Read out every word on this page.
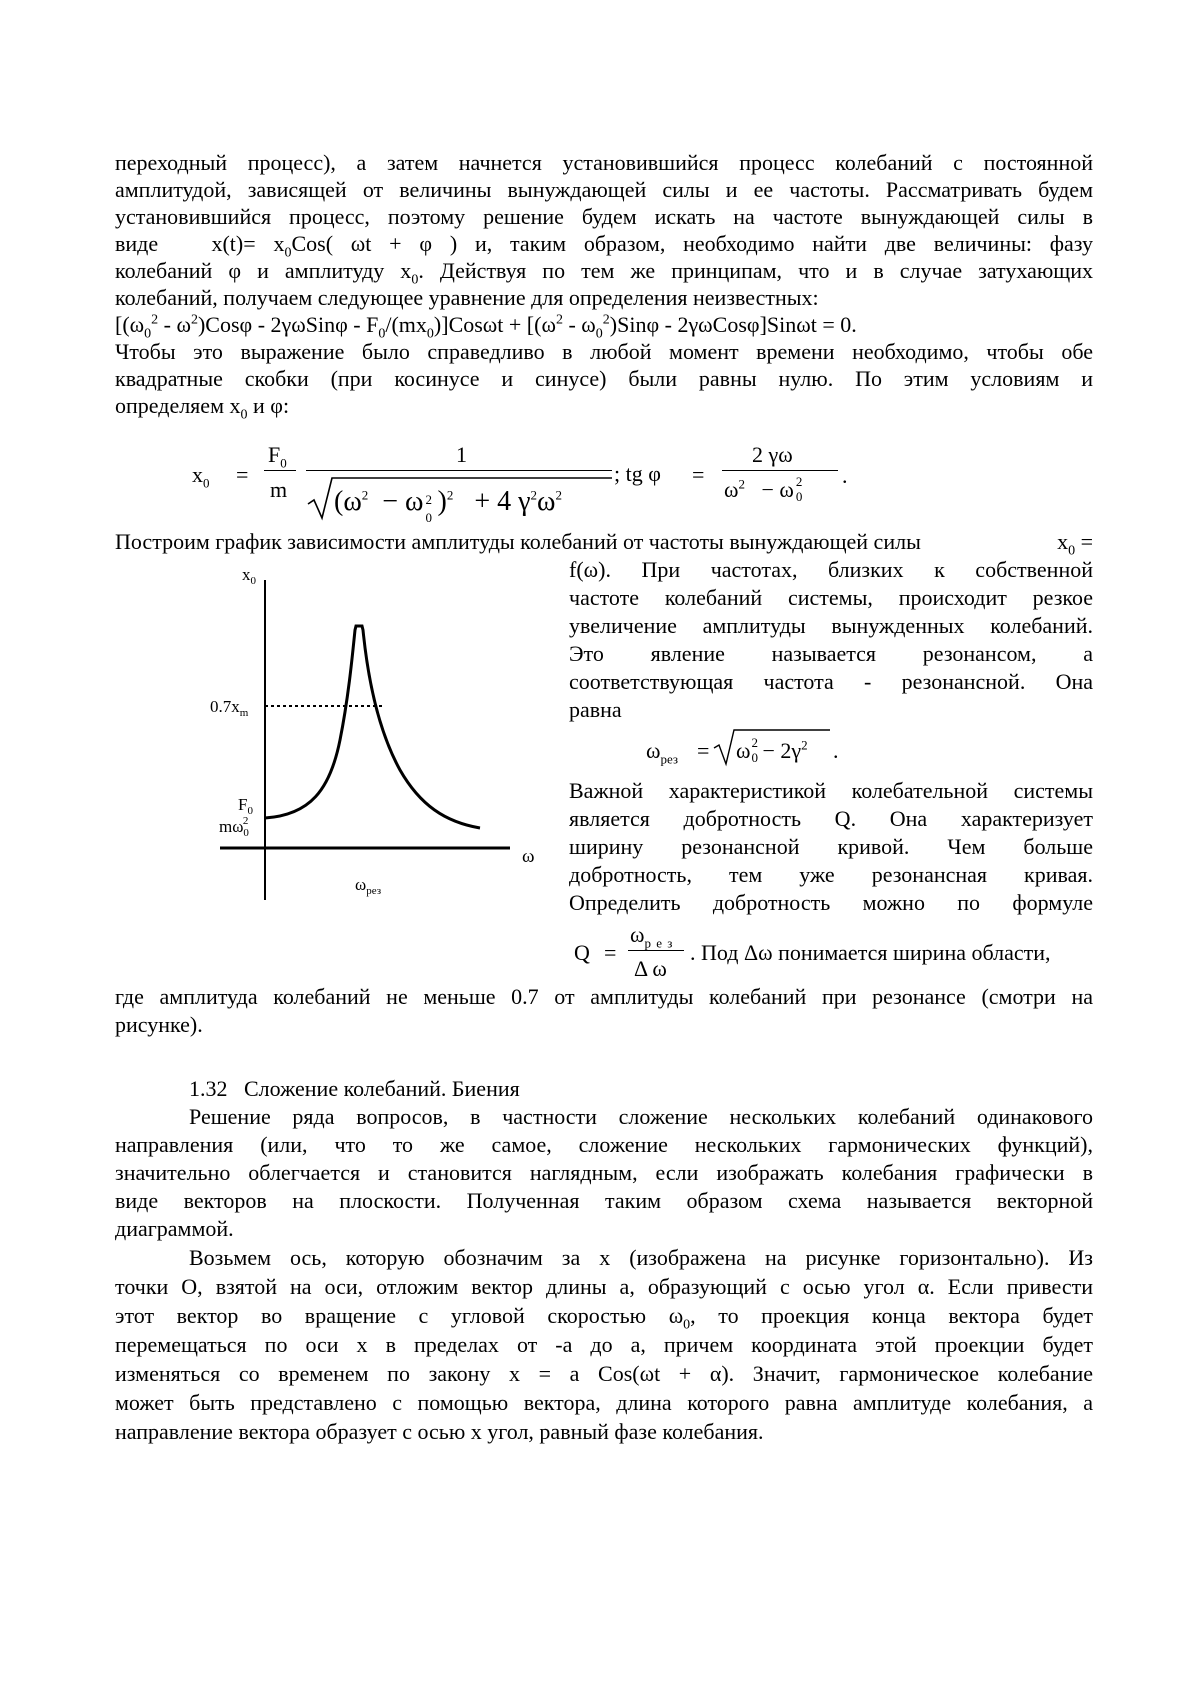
переходный процесс), а затем начнется установившийся процесс колебаний с постоянной
амплитудой, зависящей от величины вынуждающей силы и ее частоты. Рассматривать будем
установившийся процесс, поэтому решение будем искать на частоте вынуждающей силы в
виде $x(t)= x_0Cos$( ωt + φ ) и, таким образом, необходимо найти две величины: фазу
колебаний φ и амплитуду $x_0$. Действуя по тем же принципам, что и в случае затухающих
колебаний, получаем следующее уравнение для определения неизвестных:
$[(\omega_0^2 - \omega^2)Cos\varphi - 2\gamma\omega Sin\varphi - F_0/(mx_0)]Cos\omega t + [(\omega^2 - \omega_0^2)Sin\varphi - 2\gamma\omega Cos\varphi]Sin\omega t = 0$.
Чтобы это выражение было справедливо в любой момент времени необходимо, чтобы обе
квадратные скобки (при косинусе и синусе) были равны нулю. По этим условиям и
определяем $x_0$ и φ:
$x_0$ =
$F_0$
m
1
($\omega^2 - \omega$ 2
0
)$^2$ + 4 $\gamma^2\omega^2$
; tg φ =
2 γω
$\omega^2 - \omega$ 2
0
.
Построим график зависимости амплитуды колебаний от частоты вынуждающей силы	$x_0$ =
f(ω). При частотах, близких к собственной
частоте колебаний системы, происходит резкое
увеличение амплитуды вынужденных колебаний.
Это явление называется резонансом, а
соответствующая частота - резонансной. Она
равна
$\omega_{рез} = \omega$ 2
$0 - 2\gamma^2$ .
Важной характеристикой колебательной системы
является добротность Q. Она характеризует
ширину резонансной кривой. Чем больше
добротность, тем уже резонансная кривая.
Определить добротность можно по формуле
Q =
$\omega_{р е з}$
Δ ω
. Под Δω понимается ширина области,
где амплитуда колебаний не меньше 0.7 от амплитуды колебаний при резонансе (смотри на
рисунке).
$x_0$
$0.7x_m$
$F_0$
$m\omega_02$
ω
$\omega_{рез}$
1.32 Сложение колебаний. Биения
Решение ряда вопросов, в частности сложение нескольких колебаний одинакового
направления (или, что то же самое, сложение нескольких гармонических функций),
значительно облегчается и становится наглядным, если изображать колебания графически в
виде векторов на плоскости. Полученная таким образом схема называется векторной
диаграммой.
Возьмем ось, которую обозначим за x (изображена на рисунке горизонтально). Из
точки О, взятой на оси, отложим вектор длины а, образующий с осью угол α. Если привести
этот вектор во вращение с угловой скоростью $\omega_0$, то проекция конца вектора будет
перемещаться по оси x в пределах от -а до а, причем координата этой проекции будет
изменяться со временем по закону x = a Cos(ωt + α). Значит, гармоническое колебание
может быть представлено с помощью вектора, длина которого равна амплитуде колебания, а
направление вектора образует с осью x угол, равный фазе колебания.
